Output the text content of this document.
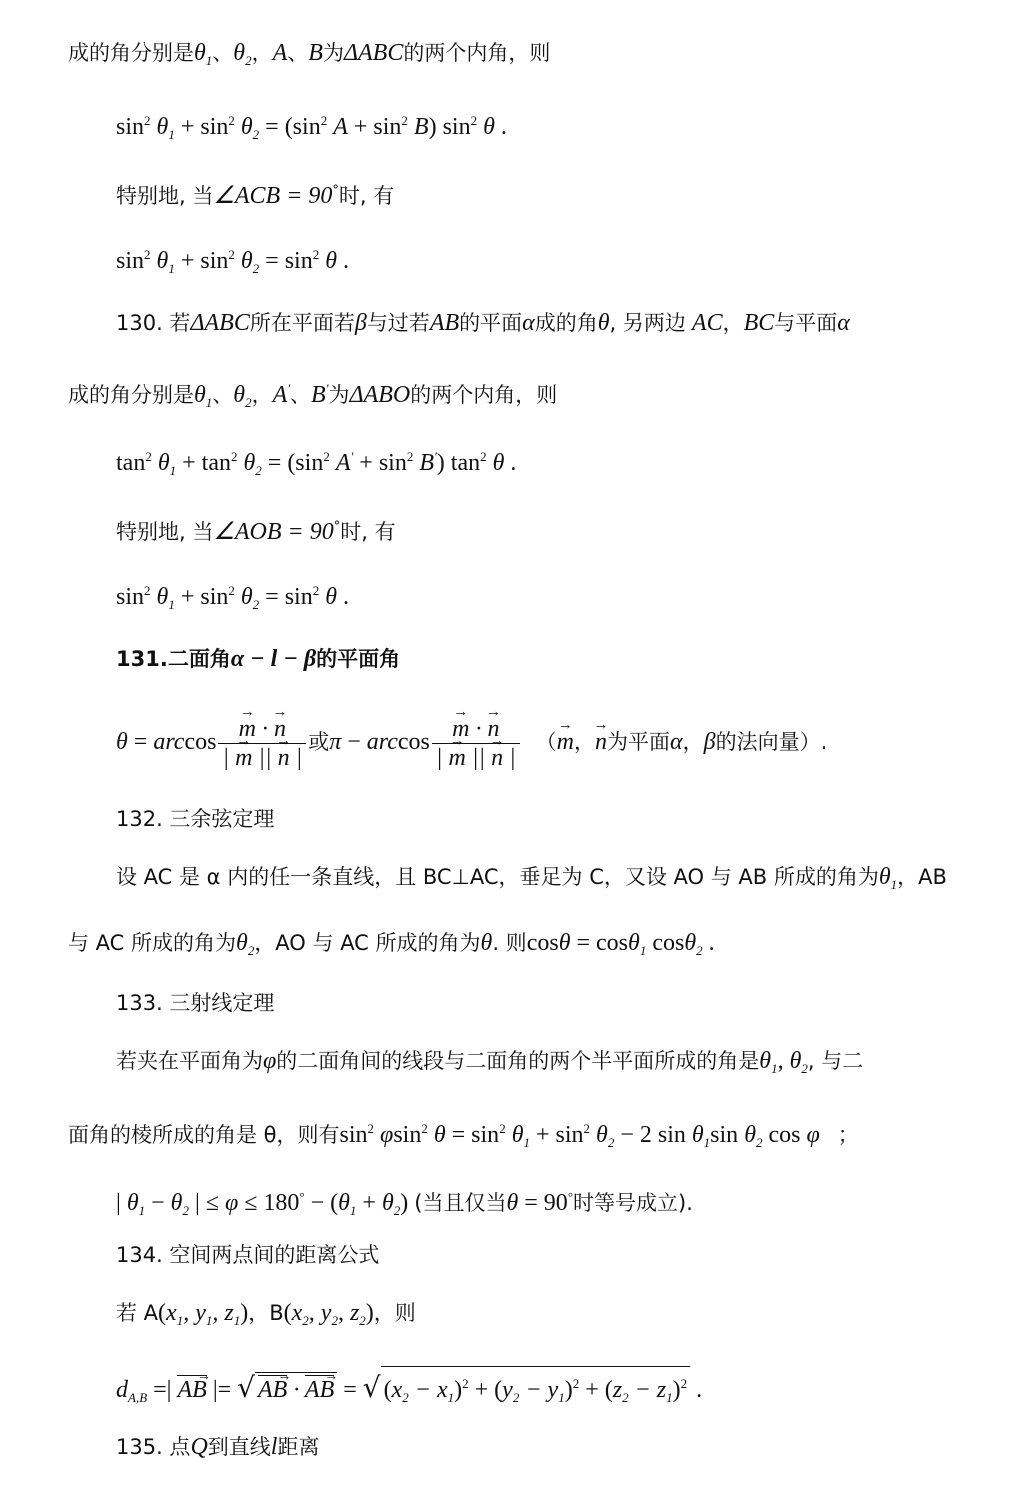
成的角分别是$\theta_1$、$\theta_2$，A、B为ΔABC的两个内角，则
$\sin^2 \theta_1 + \sin^2 \theta_2 = (\sin^2$ $A + \sin^2 B$) $\sin^2 \theta$ .
特别地, 当∠ACB = 90°时, 有
$\sin^2 \theta_1 + \sin^2 \theta_2 = \sin^2 \theta$ .
130. 若ΔABC所在平面若β与过若AB的平面α成的角θ, 另两边 AC，BC与平面α
成的角分别是$\theta_1$、$\theta_2$，A'、B'为ΔABO的两个内角，则
$\tan^2 \theta_1 + \tan^2 \theta_2 = (\sin^2$ $A' + \sin^2 B'$) $\tan^2 \theta$ .
特别地, 当∠AOB = 90°时, 有
$\sin^2 \theta_1 + \sin^2 \theta_2 = \sin^2 \theta$ .
131.二面角α − l − β的平面角
θ = arccos
→ $\frac{m \cdot \to n}{| \to m || \to n |}$ 或π − arccos
→ $\frac{m \cdot \to n}{| \to m || \to n |}$ （→ m，→ n为平面α，β的法向量）.
132. 三余弦定理
设 AC 是 α 内的任一条直线，且 BC⊥AC，垂足为 C，又设 AO 与 AB 所成的角为$\theta_1$，AB
与 AC 所成的角为$\theta_2$，AO 与 AC 所成的角为θ. 则cosθ = cosθ$_1$ cosθ$_2$ .
133. 三射线定理
若夹在平面角为φ的二面角间的线段与二面角的两个半平面所成的角是$\theta_1$, $\theta_2$, 与二
面角的棱所成的角是 θ，则有$\sin^2 \varphi\sin^2$ $\theta = \sin^2 \theta_1 + \sin^2 \theta_2 - 2$ $\sin \theta_1\sin$ $\theta_2$ cos φ ；
| $\theta_1 - \theta_2$ | ≤ $\varphi \le 180^\circ - (\theta_1 + \theta_2)$ (当且仅当θ = 90°时等号成立).
134. 空间两点间的距离公式
若 $A(x_1$, $y_1$, $z_1$)，$B(x_2$, $y_2$, $z_2$)，则
$d_{A,B}$ =| AB → |= √ AB → · AB → = √ $(x_2 - x_1)^2 + (y_2 - y_1)^2 + (z_2 - z_1)^2$ .
135. 点Q到直线l距离
